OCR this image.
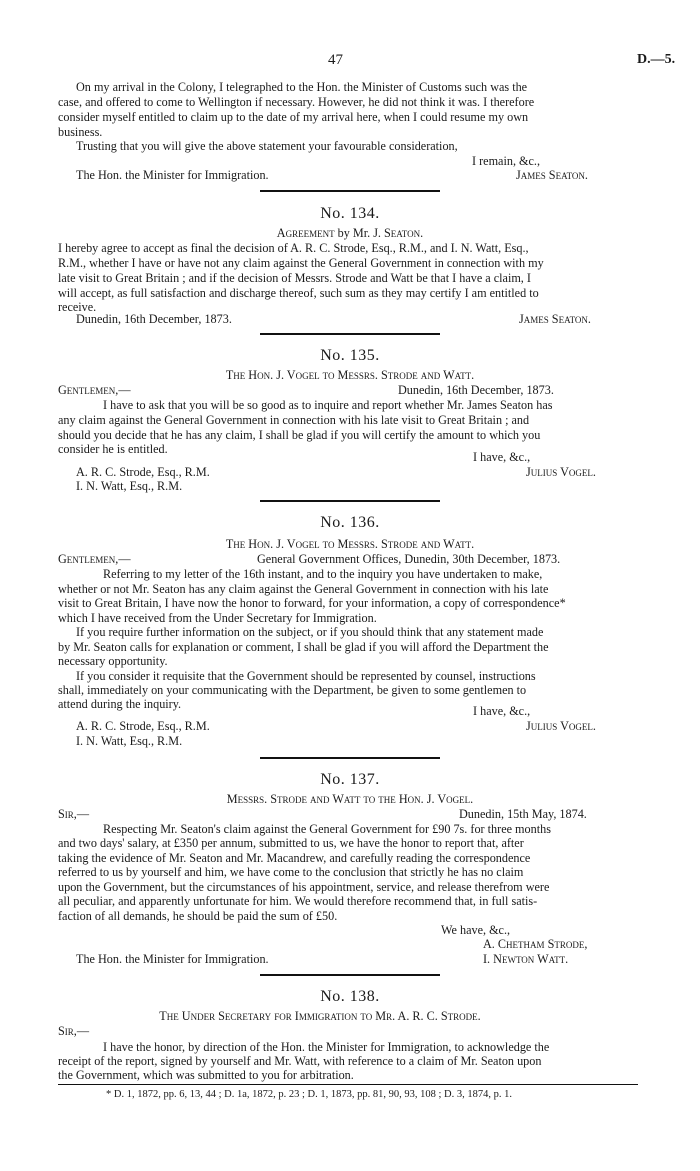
47	D.—5.
On my arrival in the Colony, I telegraphed to the Hon. the Minister of Customs such was the
case, and offered to come to Wellington if necessary. However, he did not think it was. I therefore
consider myself entitled to claim up to the date of my arrival here, when I could resume my own
business.
Trusting that you will give the above statement your favourable consideration,
I remain, &c.,
The Hon. the Minister for Immigration.	James Seaton.
No. 134.
Agreement by Mr. J. Seaton.
I hereby agree to accept as final the decision of A. R. C. Strode, Esq., R.M., and I. N. Watt, Esq.,
R.M., whether I have or have not any claim against the General Government in connection with my
late visit to Great Britain ; and if the decision of Messrs. Strode and Watt be that I have a claim, I
will accept, as full satisfaction and discharge thereof, such sum as they may certify I am entitled to
receive.
Dunedin, 16th December, 1873.	James Seaton.
No. 135.
The Hon. J. Vogel to Messrs. Strode and Watt.
Gentlemen,—	Dunedin, 16th December, 1873.
I have to ask that you will be so good as to inquire and report whether Mr. James Seaton has
any claim against the General Government in connection with his late visit to Great Britain ; and
should you decide that he has any claim, I shall be glad if you will certify the amount to which you
consider he is entitled.
I have, &c.,
A. R. C. Strode, Esq., R.M.	Julius Vogel.
I. N. Watt, Esq., R.M.
No. 136.
The Hon. J. Vogel to Messrs. Strode and Watt.
Gentlemen,—	General Government Offices, Dunedin, 30th December, 1873.
Referring to my letter of the 16th instant, and to the inquiry you have undertaken to make,
whether or not Mr. Seaton has any claim against the General Government in connection with his late
visit to Great Britain, I have now the honor to forward, for your information, a copy of correspondence*
which I have received from the Under Secretary for Immigration.
If you require further information on the subject, or if you should think that any statement made
by Mr. Seaton calls for explanation or comment, I shall be glad if you will afford the Department the
necessary opportunity.
If you consider it requisite that the Government should be represented by counsel, instructions
shall, immediately on your communicating with the Department, be given to some gentlemen to
attend during the inquiry.	I have, &c.,
A. R. C. Strode, Esq., R.M.	Julius Vogel.
I. N. Watt, Esq., R.M.
No. 137.
Messrs. Strode and Watt to the Hon. J. Vogel.
Sir,—	Dunedin, 15th May, 1874.
Respecting Mr. Seaton's claim against the General Government for £90 7s. for three months
and two days' salary, at £350 per annum, submitted to us, we have the honor to report that, after
taking the evidence of Mr. Seaton and Mr. Macandrew, and carefully reading the correspondence
referred to us by yourself and him, we have come to the conclusion that strictly he has no claim
upon the Government, but the circumstances of his appointment, service, and release therefrom were
all peculiar, and apparently unfortunate for him. We would therefore recommend that, in full satis-
faction of all demands, he should be paid the sum of £50.
We have, &c.,
A. Chetham Strode,
The Hon. the Minister for Immigration.	I. Newton Watt.
No. 138.
The Under Secretary for Immigration to Mr. A. R. C. Strode.
Sir,—
I have the honor, by direction of the Hon. the Minister for Immigration, to acknowledge the
receipt of the report, signed by yourself and Mr. Watt, with reference to a claim of Mr. Seaton upon
the Government, which was submitted to you for arbitration.
* D. 1, 1872, pp. 6, 13, 44 ; D. 1a, 1872, p. 23 ; D. 1, 1873, pp. 81, 90, 93, 108 ; D. 3, 1874, p. 1.
